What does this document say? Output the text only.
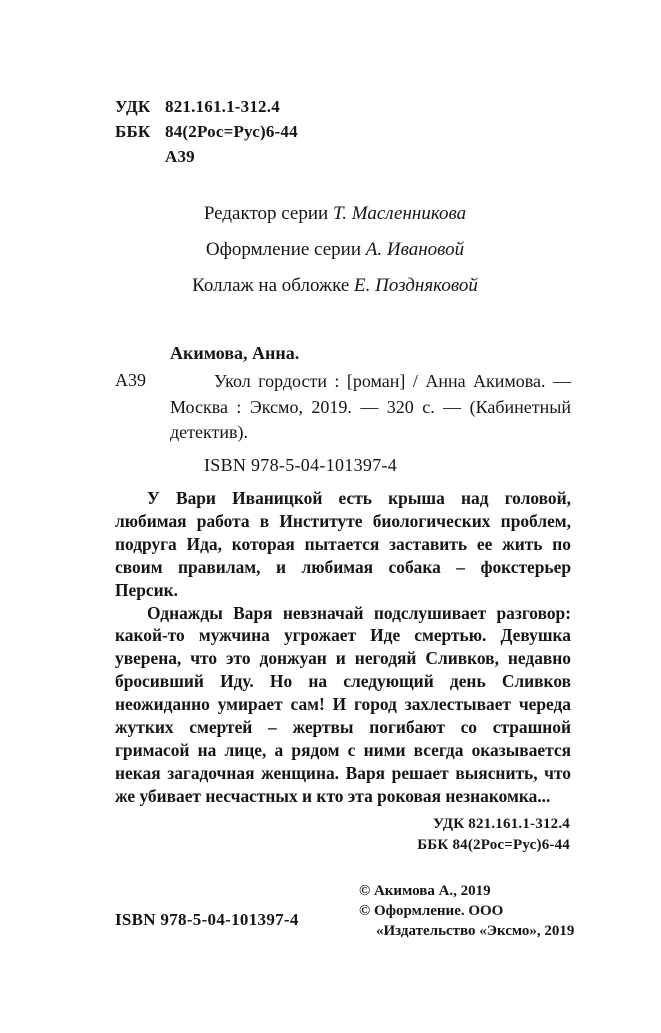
УДК 821.161.1-312.4
ББК 84(2Рос=Рус)6-44
А39
Редактор серии Т. Масленникова
Оформление серии А. Ивановой
Коллаж на обложке Е. Поздняковой
Акимова, Анна.
А39	Укол гордости : [роман] / Анна Акимова. — Москва : Эксмо, 2019. — 320 с. — (Кабинетный детектив).
ISBN 978-5-04-101397-4

У Вари Иваницкой есть крыша над головой, любимая работа в Институте биологических проблем, подруга Ида, которая пытается заставить ее жить по своим правилам, и любимая собака – фокстерьер Персик.

Однажды Варя невзначай подслушивает разговор: какой-то мужчина угрожает Иде смертью. Девушка уверена, что это донжуан и негодяй Сливков, недавно бросивший Иду. Но на следующий день Сливков неожиданно умирает сам! И город захлестывает череда жутких смертей – жертвы погибают со страшной гримасой на лице, а рядом с ними всегда оказывается некая загадочная женщина. Варя решает выяснить, что же убивает несчастных и кто эта роковая незнакомка...

УДК 821.161.1-312.4
ББК 84(2Рос=Рус)6-44
© Акимова А., 2019
© Оформление. ООО
«Издательство «Эксмо», 2019
ISBN 978-5-04-101397-4
